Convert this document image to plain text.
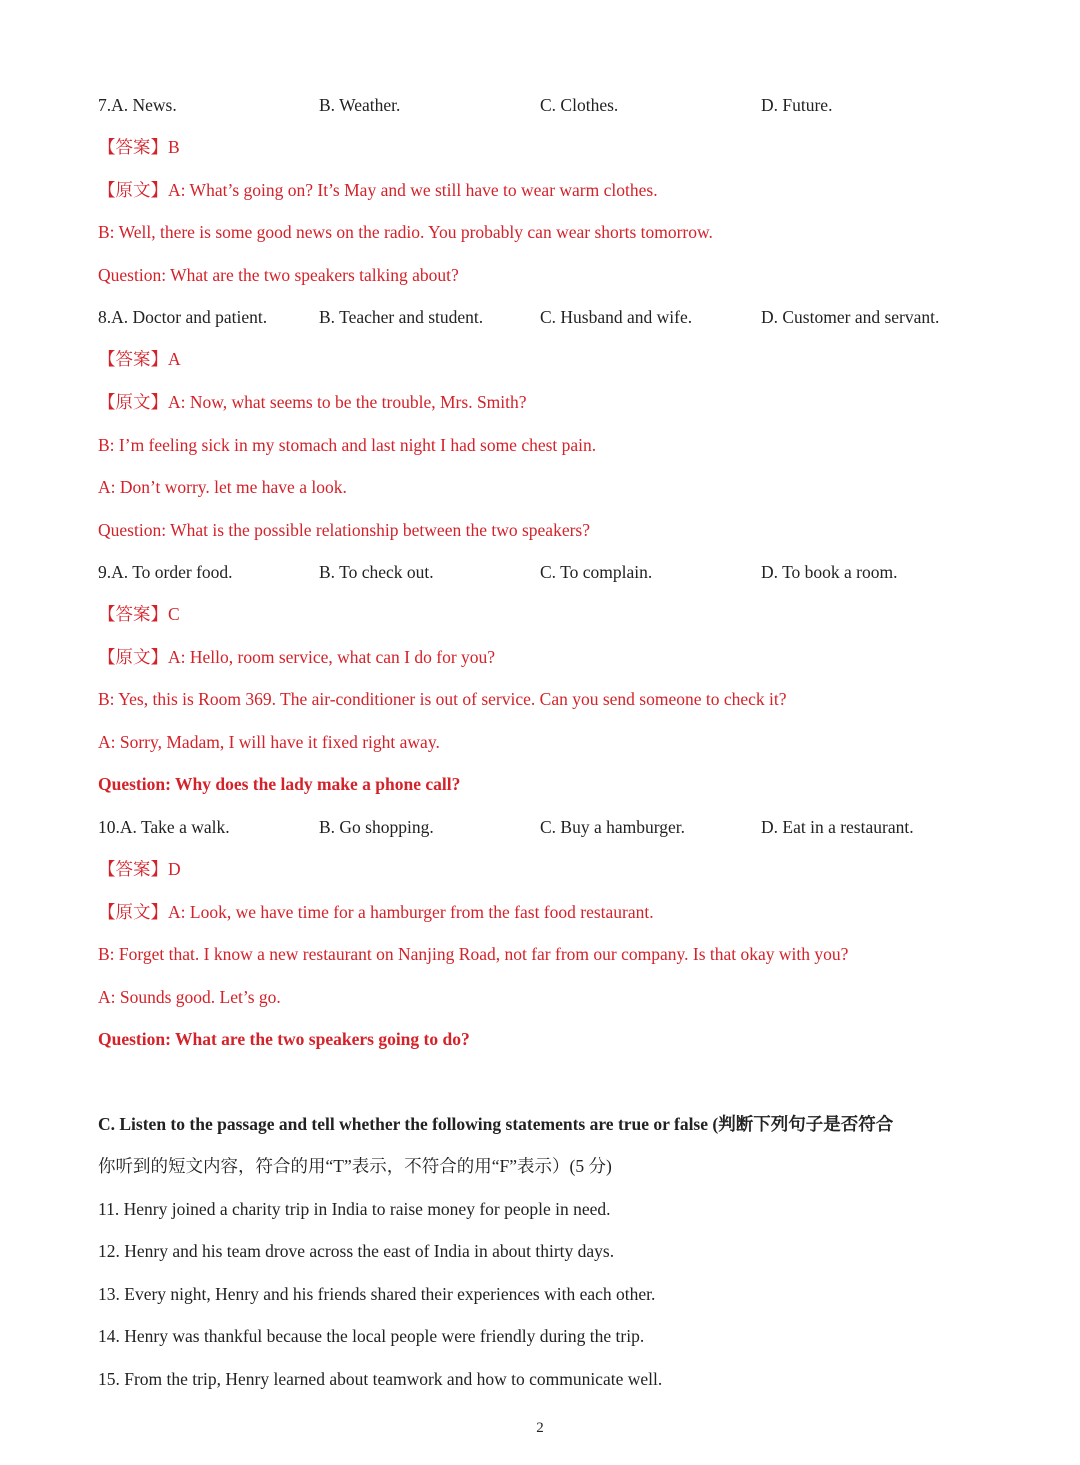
7.A. News.	B. Weather.	C. Clothes.	D. Future.
【答案】B
【原文】A: What’s going on? It’s May and we still have to wear warm clothes.
B: Well, there is some good news on the radio. You probably can wear shorts tomorrow.
Question: What are the two speakers talking about?
8.A. Doctor and patient.	B. Teacher and student.	C. Husband and wife.	D. Customer and servant.
【答案】A
【原文】A: Now, what seems to be the trouble, Mrs. Smith?
B: I’m feeling sick in my stomach and last night I had some chest pain.
A: Don’t worry. let me have a look.
Question: What is the possible relationship between the two speakers?
9.A. To order food.	B. To check out.	C. To complain.	D. To book a room.
【答案】C
【原文】A: Hello, room service, what can I do for you?
B: Yes, this is Room 369. The air-conditioner is out of service. Can you send someone to check it?
A: Sorry, Madam, I will have it fixed right away.
Question: Why does the lady make a phone call?
10.A. Take a walk.	B. Go shopping.	C. Buy a hamburger.	D. Eat in a restaurant.
【答案】D
【原文】A: Look, we have time for a hamburger from the fast food restaurant.
B: Forget that. I know a new restaurant on Nanjing Road, not far from our company. Is that okay with you?
A: Sounds good. Let’s go.
Question: What are the two speakers going to do?
C. Listen to the passage and tell whether the following statements are true or false (判断下列句子是否符合
你听到的短文内容，符合的用“T”表示，不符合的用“F”表示）(5 分)
11. Henry joined a charity trip in India to raise money for people in need.
12. Henry and his team drove across the east of India in about thirty days.
13. Every night, Henry and his friends shared their experiences with each other.
14. Henry was thankful because the local people were friendly during the trip.
15. From the trip, Henry learned about teamwork and how to communicate well.
2
